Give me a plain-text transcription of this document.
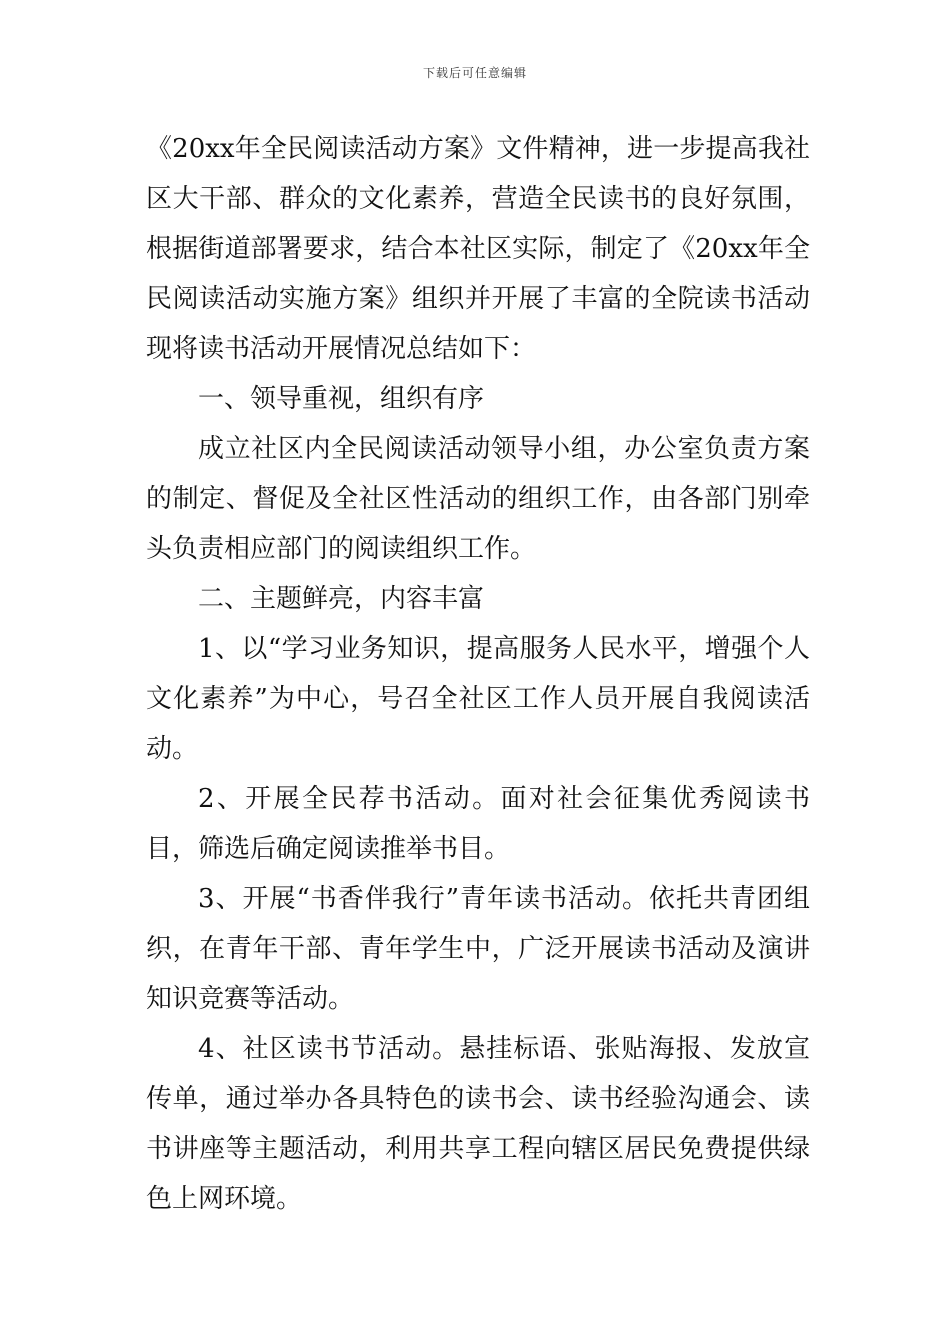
下载后可任意编辑

《20xx年全民阅读活动方案》文件精神，进一步提高我社区大干部、群众的文化素养，营造全民读书的良好氛围，根据街道部署要求，结合本社区实际，制定了《20xx年全民阅读活动实施方案》组织并开展了丰富的全院读书活动现将读书活动开展情况总结如下：

一、领导重视，组织有序

成立社区内全民阅读活动领导小组，办公室负责方案的制定、督促及全社区性活动的组织工作，由各部门别牵头负责相应部门的阅读组织工作。

二、主题鲜亮，内容丰富

1、以“学习业务知识，提高服务人民水平，增强个人文化素养”为中心，号召全社区工作人员开展自我阅读活动。

2、开展全民荐书活动。面对社会征集优秀阅读书目，筛选后确定阅读推举书目。

3、开展“书香伴我行”青年读书活动。依托共青团组织，在青年干部、青年学生中，广泛开展读书活动及演讲知识竞赛等活动。

4、社区读书节活动。悬挂标语、张贴海报、发放宣传单，通过举办各具特色的读书会、读书经验沟通会、读书讲座等主题活动，利用共享工程向辖区居民免费提供绿色上网环境。
